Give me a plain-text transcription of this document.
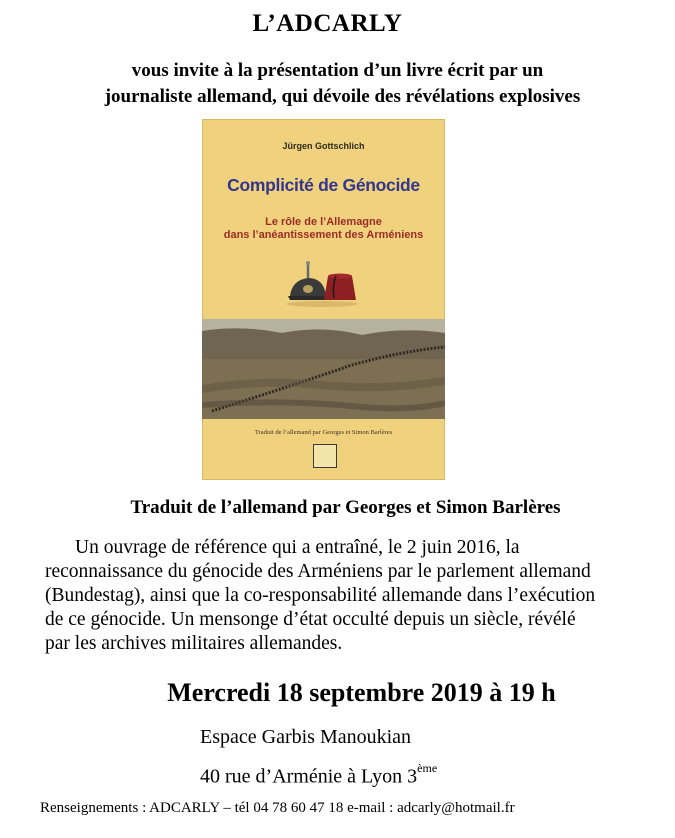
L’ADCARLY
vous invite à la présentation d’un livre écrit par un
journaliste allemand, qui dévoile des révélations explosives
Jürgen Gottschlich
Complicité de Génocide
Le rôle de l’Allemagne
dans l’anéantissement des Arméniens
Traduit de l’allemand par Georges et Simon Barlères
Traduit de l’allemand par Georges et Simon Barlères
Un ouvrage de référence qui a entraîné, le 2 juin 2016, la
reconnaissance du génocide des Arméniens par le parlement allemand
(Bundestag), ainsi que la co-responsabilité allemande dans l’exécution
de ce génocide. Un mensonge d’état occulté depuis un siècle, révélé
par les archives militaires allemandes.
Mercredi 18 septembre 2019 à 19 h
Espace Garbis Manoukian
40 rue d’Arménie à Lyon 3ème
Renseignements : ADCARLY – tél 04 78 60 47 18 e-mail : adcarly@hotmail.fr
